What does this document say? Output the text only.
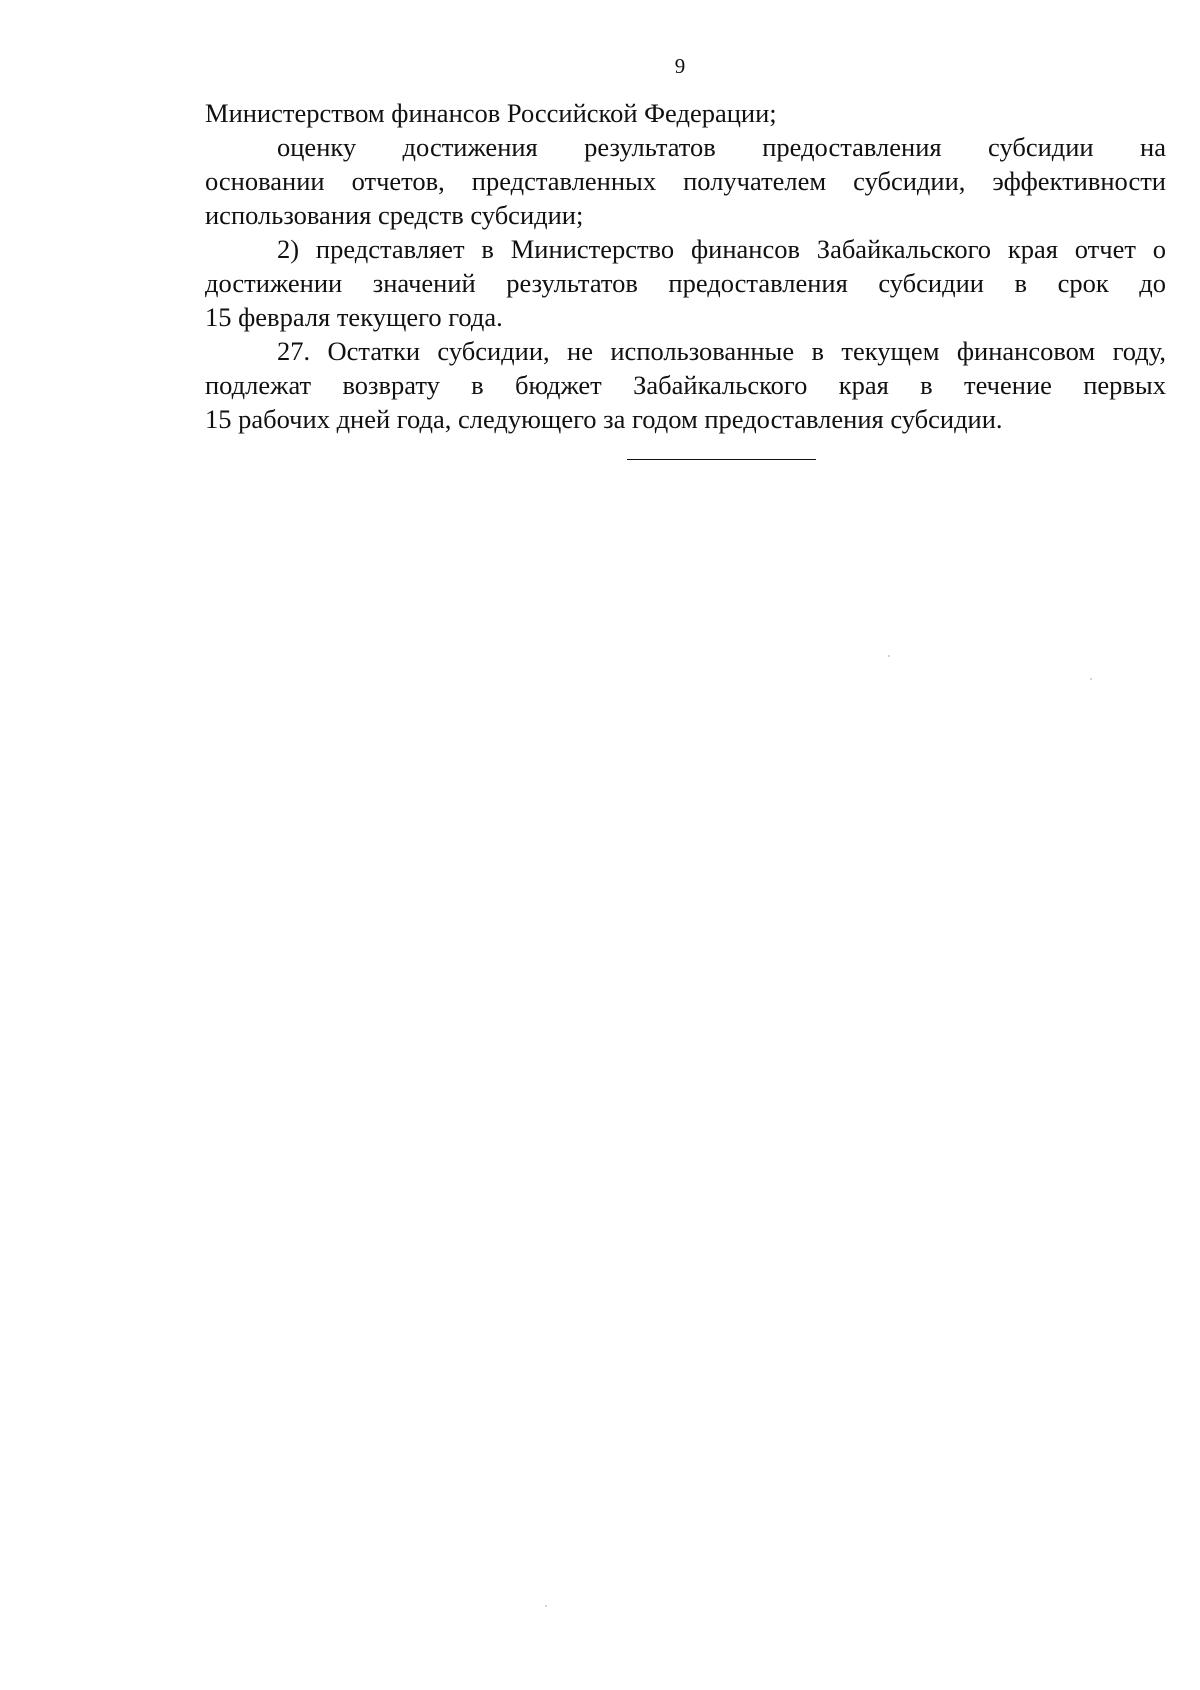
9

Министерством финансов Российской Федерации;

оценку достижения результатов предоставления субсидии на
основании отчетов, представленных получателем субсидии, эффективности
использования средств субсидии;

2) представляет в Министерство финансов Забайкальского края отчет о
достижении значений результатов предоставления субсидии в срок до
15 февраля текущего года.

27. Остатки субсидии, не использованные в текущем финансовом году,
подлежат возврату в бюджет Забайкальского края в течение первых
15 рабочих дней года, следующего за годом предоставления субсидии.
